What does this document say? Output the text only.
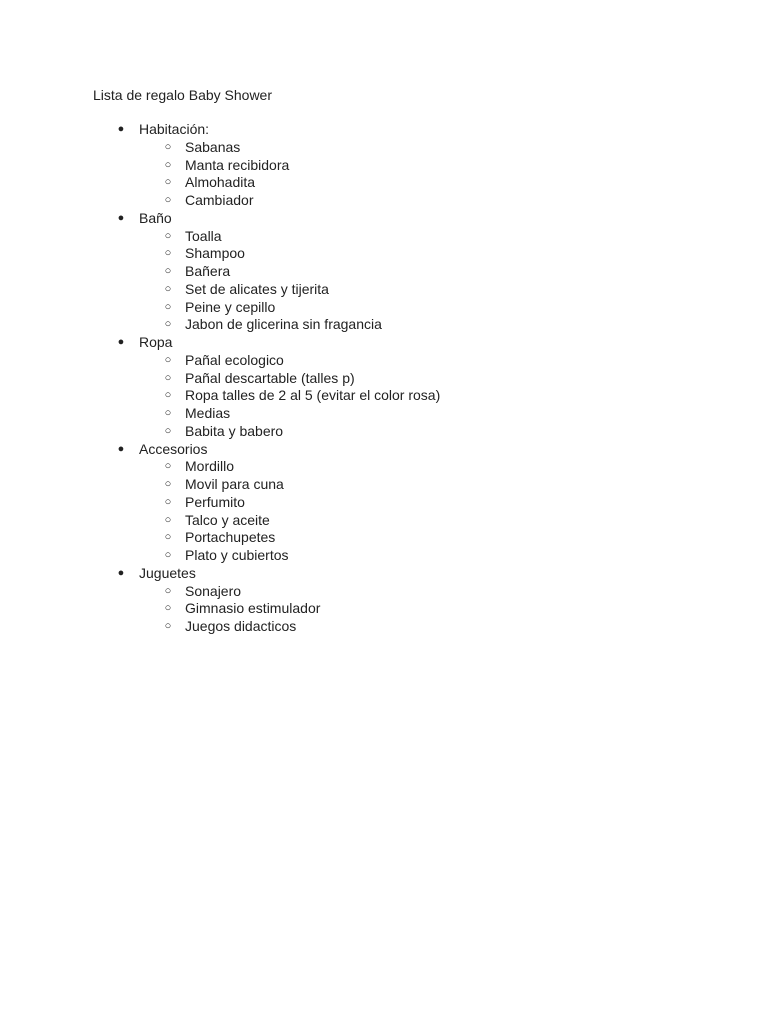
Lista de regalo Baby Shower
● Habitación:
○ Sabanas
○ Manta recibidora
○ Almohadita
○ Cambiador
● Baño
○ Toalla
○ Shampoo
○ Bañera
○ Set de alicates y tijerita
○ Peine y cepillo
○ Jabon de glicerina sin fragancia
● Ropa
○ Pañal ecologico
○ Pañal descartable (talles p)
○ Ropa talles de 2 al 5 (evitar el color rosa)
○ Medias
○ Babita y babero
● Accesorios
○ Mordillo
○ Movil para cuna
○ Perfumito
○ Talco y aceite
○ Portachupetes
○ Plato y cubiertos
● Juguetes
○ Sonajero
○ Gimnasio estimulador
○ Juegos didacticos
